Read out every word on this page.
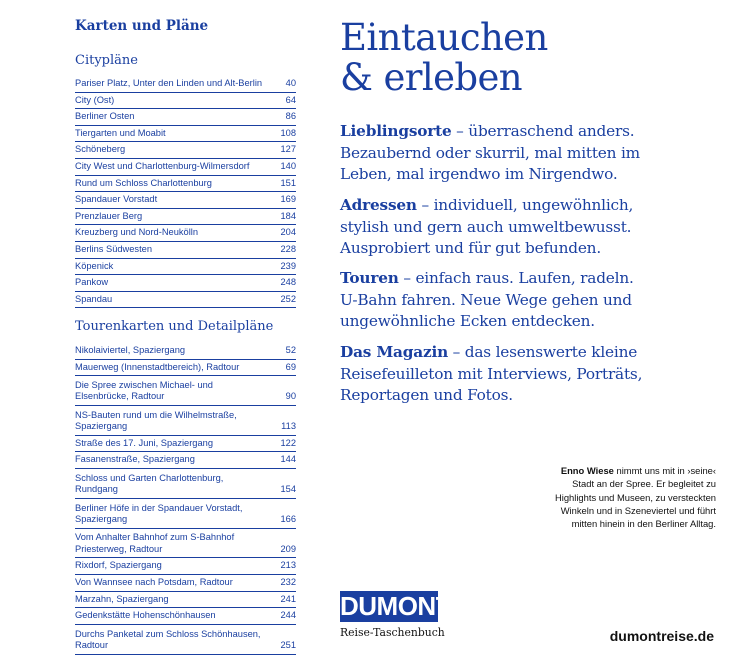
Karten und Pläne
Citypläne
Pariser Platz, Unter den Linden und Alt-Berlin	40
City (Ost)	64
Berliner Osten	86
Tiergarten und Moabit	108
Schöneberg	127
City West und Charlottenburg-Wilmersdorf	140
Rund um Schloss Charlottenburg	151
Spandauer Vorstadt	169
Prenzlauer Berg	184
Kreuzberg und Nord-Neukölln	204
Berlins Südwesten	228
Köpenick	239
Pankow	248
Spandau	252
Tourenkarten und Detailpläne
Nikolaiviertel, Spaziergang	52
Mauerweg (Innenstadtbereich), Radtour	69
Die Spree zwischen Michael- und Elsenbrücke, Radtour	90
NS-Bauten rund um die Wilhelmstraße, Spaziergang	113
Straße des 17. Juni, Spaziergang	122
Fasanenstraße, Spaziergang	144
Schloss und Garten Charlottenburg, Rundgang	154
Berliner Höfe in der Spandauer Vorstadt, Spaziergang	166
Vom Anhalter Bahnhof zum S-Bahnhof Priesterweg, Radtour	209
Rixdorf, Spaziergang	213
Von Wannsee nach Potsdam, Radtour	232
Marzahn, Spaziergang	241
Gedenkstätte Hohenschönhausen	244
Durchs Panketal zum Schloss Schönhausen, Radtour	251
Eintauchen
& erleben

Lieblingsorte – überraschend anders. Bezaubernd oder skurril, mal mitten im Leben, mal irgendwo im Nirgendwo.

Adressen – individuell, ungewöhnlich, stylish und gern auch umweltbewusst. Ausprobiert und für gut befunden.

Touren – einfach raus. Laufen, radeln. U-Bahn fahren. Neue Wege gehen und ungewöhnliche Ecken entdecken.

Das Magazin – das lesenswerte kleine Reisefeuilleton mit Interviews, Porträts, Reportagen und Fotos.

Enno Wiese nimmt uns mit in ›seine‹ Stadt an der Spree. Er begleitet zu Highlights und Museen, zu versteckten Winkeln und in Szeneviertel und führt mitten hinein in den Berliner Alltag.

DUMONT
Reise-Taschenbuch	dumontreise.de
